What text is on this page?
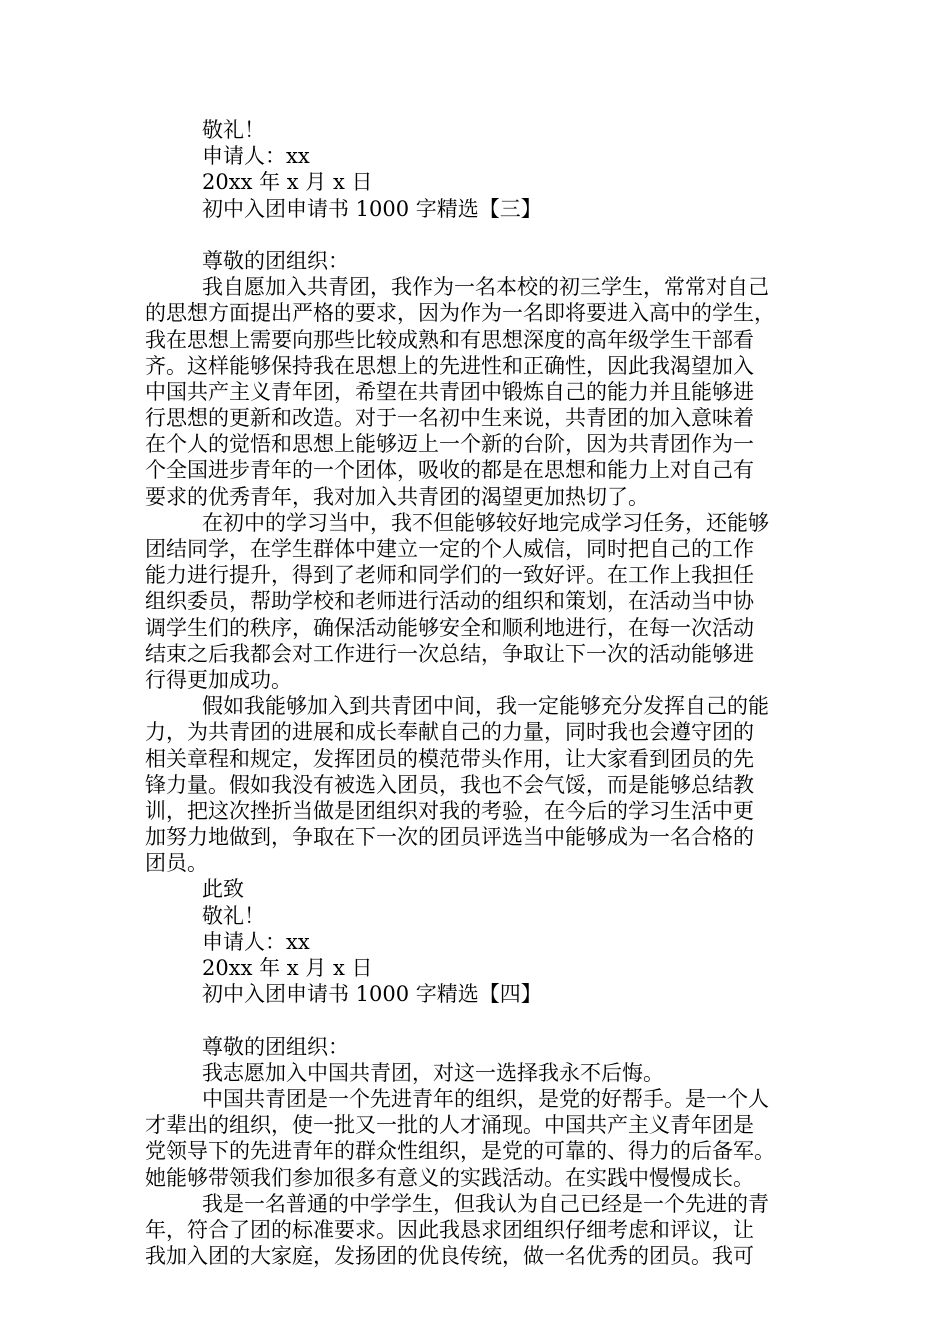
敬礼！
申请人：xx
20xx 年 x 月 x 日
初中入团申请书 1000 字精选【三】
尊敬的团组织：
我自愿加入共青团，我作为一名本校的初三学生，常常对自己
的思想方面提出严格的要求，因为作为一名即将要进入高中的学生，
我在思想上需要向那些比较成熟和有思想深度的高年级学生干部看
齐。这样能够保持我在思想上的先进性和正确性，因此我渴望加入
中国共产主义青年团，希望在共青团中锻炼自己的能力并且能够进
行思想的更新和改造。对于一名初中生来说，共青团的加入意味着
在个人的觉悟和思想上能够迈上一个新的台阶，因为共青团作为一
个全国进步青年的一个团体，吸收的都是在思想和能力上对自己有
要求的优秀青年，我对加入共青团的渴望更加热切了。
在初中的学习当中，我不但能够较好地完成学习任务，还能够
团结同学，在学生群体中建立一定的个人威信，同时把自己的工作
能力进行提升，得到了老师和同学们的一致好评。在工作上我担任
组织委员，帮助学校和老师进行活动的组织和策划，在活动当中协
调学生们的秩序，确保活动能够安全和顺利地进行，在每一次活动
结束之后我都会对工作进行一次总结，争取让下一次的活动能够进
行得更加成功。
假如我能够加入到共青团中间，我一定能够充分发挥自己的能
力，为共青团的进展和成长奉献自己的力量，同时我也会遵守团的
相关章程和规定，发挥团员的模范带头作用，让大家看到团员的先
锋力量。假如我没有被选入团员，我也不会气馁，而是能够总结教
训，把这次挫折当做是团组织对我的考验，在今后的学习生活中更
加努力地做到，争取在下一次的团员评选当中能够成为一名合格的
团员。
此致
敬礼！
申请人：xx
20xx 年 x 月 x 日
初中入团申请书 1000 字精选【四】
尊敬的团组织：
我志愿加入中国共青团，对这一选择我永不后悔。
中国共青团是一个先进青年的组织，是党的好帮手。是一个人
才辈出的组织，使一批又一批的人才涌现。中国共产主义青年团是
党领导下的先进青年的群众性组织，是党的可靠的、得力的后备军。
她能够带领我们参加很多有意义的实践活动。在实践中慢慢成长。
我是一名普通的中学学生，但我认为自己已经是一个先进的青
年，符合了团的标准要求。因此我恳求团组织仔细考虑和评议，让
我加入团的大家庭，发扬团的优良传统，做一名优秀的团员。我可
